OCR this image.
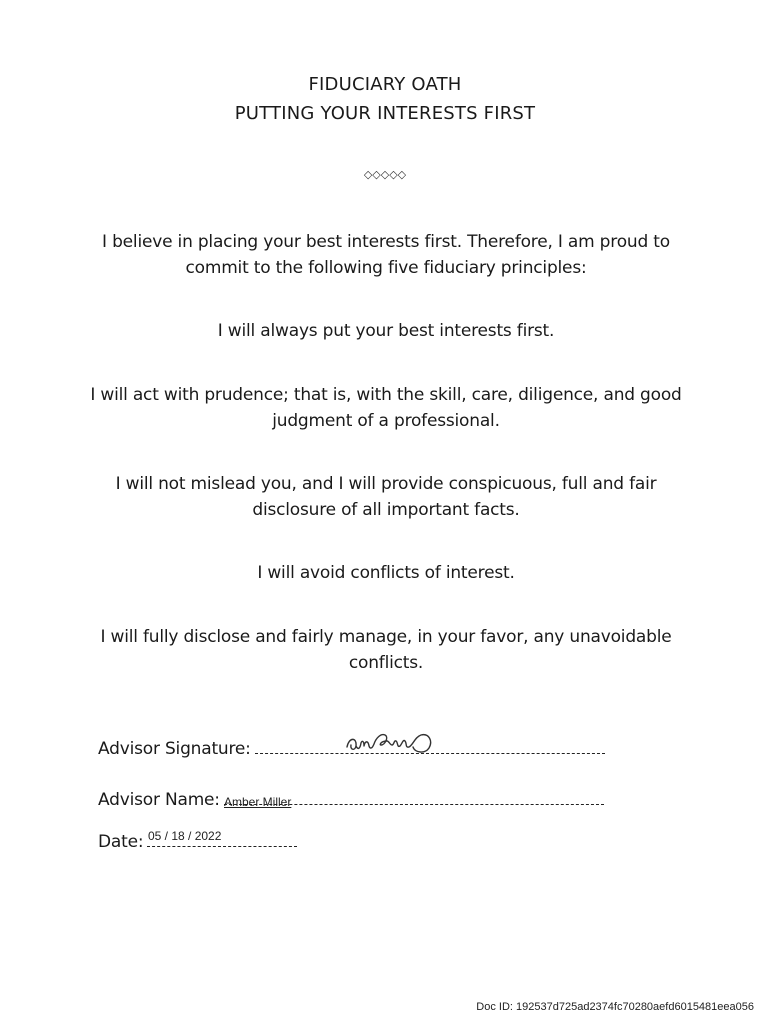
FIDUCIARY OATH
PUTTING YOUR INTERESTS FIRST
◇◇◇◇◇
I believe in placing your best interests first. Therefore, I am proud to commit to the following five fiduciary principles:
I will always put your best interests first.
I will act with prudence; that is, with the skill, care, diligence, and good judgment of a professional.
I will not mislead you, and I will provide conspicuous, full and fair disclosure of all important facts.
I will avoid conflicts of interest.
I will fully disclose and fairly manage, in your favor, any unavoidable conflicts.
Advisor Signature:
Advisor Name: Amber Miller
Date: 05 / 18 / 2022
Doc ID: 192537d725ad2374fc70280aefd6015481eea056
